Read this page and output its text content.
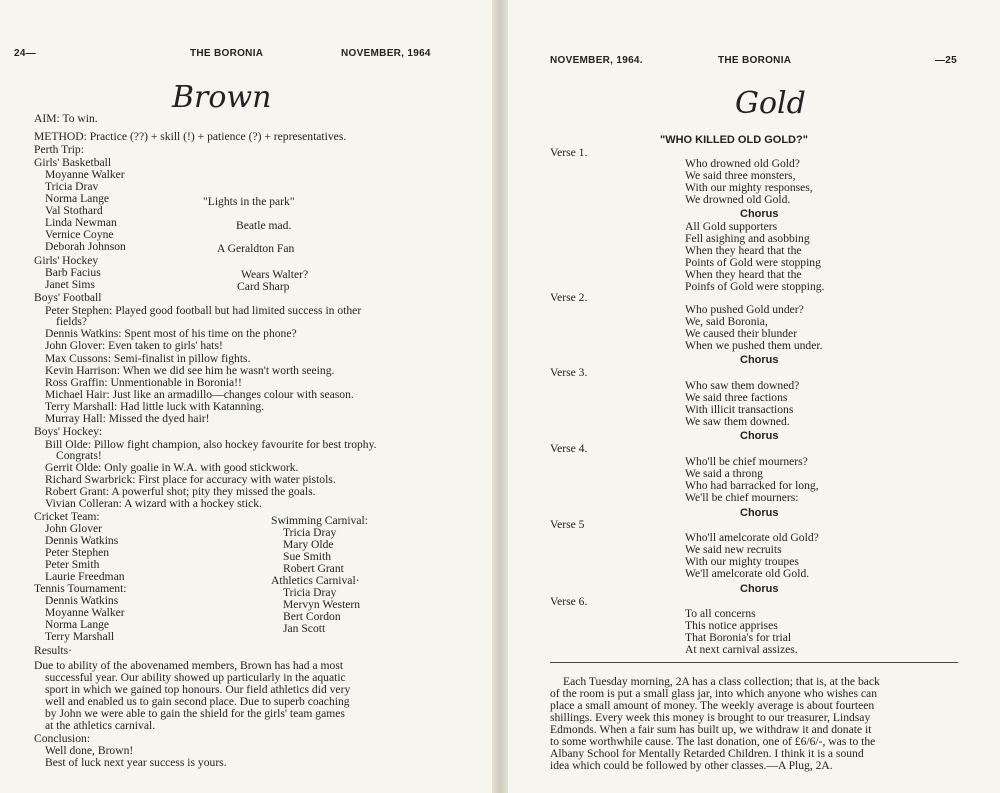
24—	THE BORONIA	NOVEMBER, 1964
Brown
AIM: To win.
METHOD: Practice (??) + skill (!) + patience (?) + representatives.
Perth Trip:
Girls' Basketball
Moyanne Walker
Tricia Drav
Norma Lange
Val Stothard
Linda Newman
Vernice Coyne
Deborah Johnson
"Lights in the park"
Beatle mad.
A Geraldton Fan
Girls' Hockey
Barb Facius
Janet Sims
Wears Walter?
Card Sharp
Boys' Football
Peter Stephen: Played good football but had limited success in other
fields?
Dennis Watkins: Spent most of his time on the phone?
John Glover: Even taken to girls' hats!
Max Cussons: Semi-finalist in pillow fights.
Kevin Harrison: When we did see him he wasn't worth seeing.
Ross Graffin: Unmentionable in Boronia!!
Michael Hair: Just like an armadillo—changes colour with season.
Terry Marshall: Had little luck with Katanning.
Murray Hall: Missed the dyed hair!
Boys' Hockey:
Bill Olde: Pillow fight champion, also hockey favourite for best trophy.
Congrats!
Gerrit Olde: Only goalie in W.A. with good stickwork.
Richard Swarbrick: First place for accuracy with water pistols.
Robert Grant: A powerful shot; pity they missed the goals.
Vivian Colleran: A wizard with a hockey stick.
Cricket Team:
John Glover
Dennis Watkins
Peter Stephen
Peter Smith
Laurie Freedman
Tennis Tournament:
Dennis Watkins
Moyanne Walker
Norma Lange
Terry Marshall
Swimming Carnival:
Tricia Dray
Mary Olde
Sue Smith
Robert Grant
Athletics Carnival·
Tricia Dray
Mervyn Western
Bert Cordon
Jan Scott
Results·
Due to ability of the abovenamed members, Brown has had a most
successful year. Our ability showed up particularly in the aquatic
sport in which we gained top honours. Our field athletics did very
well and enabled us to gain second place. Due to superb coaching
by John we were able to gain the shield for the girls' team games
at the athletics carnival.
Conclusion:
Well done, Brown!
Best of luck next year success is yours.
NOVEMBER, 1964.	THE BORONIA	—25
Gold
"WHO KILLED OLD GOLD?"
Verse 1.
Who drowned old Gold?
We said three monsters,
With our mighty responses,
We drowned old Gold.
Chorus
All Gold supporters
Fell asighing and asobbing
When they heard that the
Points of Gold were stopping
When they heard that the
Poinfs of Gold were stopping.
Verse 2.
Who pushed Gold under?
We, said Boronia,
We caused their blunder
When we pushed them under.
Chorus
Verse 3.
Who saw them downed?
We said three factions
With illicit transactions
We saw them downed.
Chorus
Verse 4.
Who'll be chief mourners?
We said a throng
Who had barracked for long,
We'll be chief mourners:
Chorus
Verse 5
Who'll amelcorate old Gold?
We said new recruits
With our mighty troupes
We'll amelcorate old Gold.
Chorus
Verse 6.
To all concerns
This notice apprises
That Boronia's for trial
At next carnival assizes.
Each Tuesday morning, 2A has a class collection; that is, at the back
of the room is put a small glass jar, into which anyone who wishes can
place a small amount of money. The weekly average is about fourteen
shillings. Every week this money is brought to our treasurer, Lindsay
Edmonds. When a fair sum has built up, we withdraw it and donate it
to some worthwhile cause. The last donation, one of £6/6/-, was to the
Albany School for Mentally Retarded Children. I think it is a sound
idea which could be followed by other classes.—A Plug, 2A.
